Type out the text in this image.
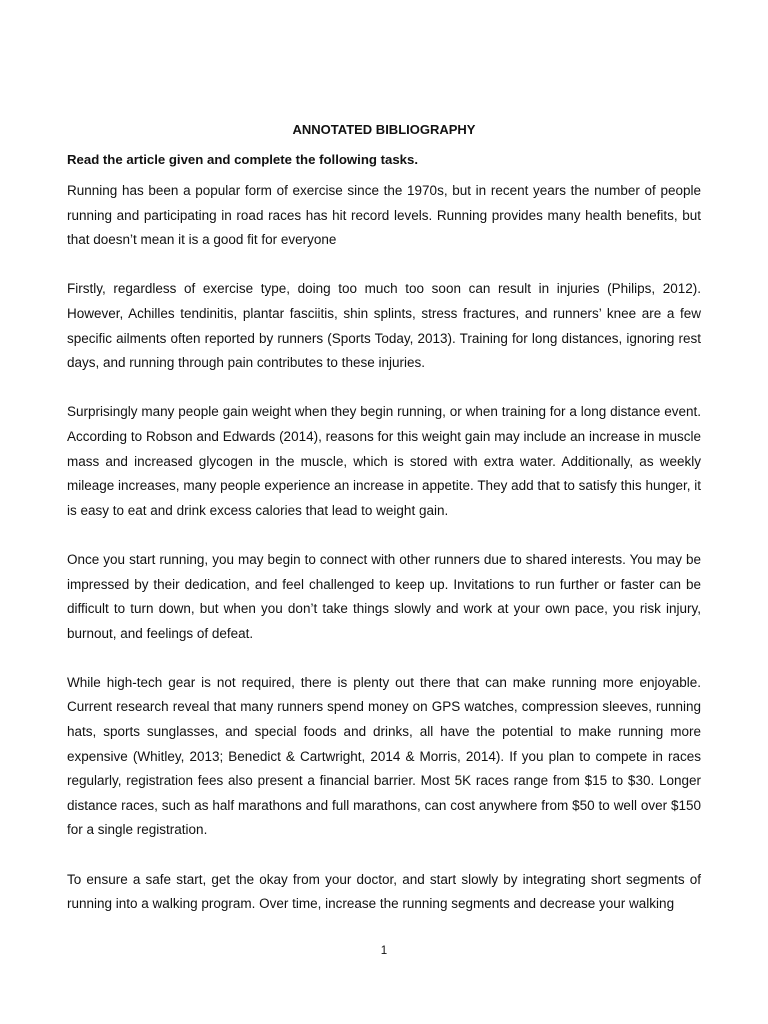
ANNOTATED BIBLIOGRAPHY

Read the article given and complete the following tasks.

Running has been a popular form of exercise since the 1970s, but in recent years the number of people running and participating in road races has hit record levels. Running provides many health benefits, but that doesn’t mean it is a good fit for everyone

Firstly, regardless of exercise type, doing too much too soon can result in injuries (Philips, 2012). However, Achilles tendinitis, plantar fasciitis, shin splints, stress fractures, and runners’ knee are a few specific ailments often reported by runners (Sports Today, 2013). Training for long distances, ignoring rest days, and running through pain contributes to these injuries.

Surprisingly many people gain weight when they begin running, or when training for a long distance event. According to Robson and Edwards (2014), reasons for this weight gain may include an increase in muscle mass and increased glycogen in the muscle, which is stored with extra water. Additionally, as weekly mileage increases, many people experience an increase in appetite. They add that to satisfy this hunger, it is easy to eat and drink excess calories that lead to weight gain.

Once you start running, you may begin to connect with other runners due to shared interests. You may be impressed by their dedication, and feel challenged to keep up. Invitations to run further or faster can be difficult to turn down, but when you don’t take things slowly and work at your own pace, you risk injury, burnout, and feelings of defeat.

While high-tech gear is not required, there is plenty out there that can make running more enjoyable. Current research reveal that many runners spend money on GPS watches, compression sleeves, running hats, sports sunglasses, and special foods and drinks, all have the potential to make running more expensive (Whitley, 2013; Benedict & Cartwright, 2014 & Morris, 2014). If you plan to compete in races regularly, registration fees also present a financial barrier. Most 5K races range from $15 to $30. Longer distance races, such as half marathons and full marathons, can cost anywhere from $50 to well over $150 for a single registration.

To ensure a safe start, get the okay from your doctor, and start slowly by integrating short segments of running into a walking program. Over time, increase the running segments and decrease your walking

1
